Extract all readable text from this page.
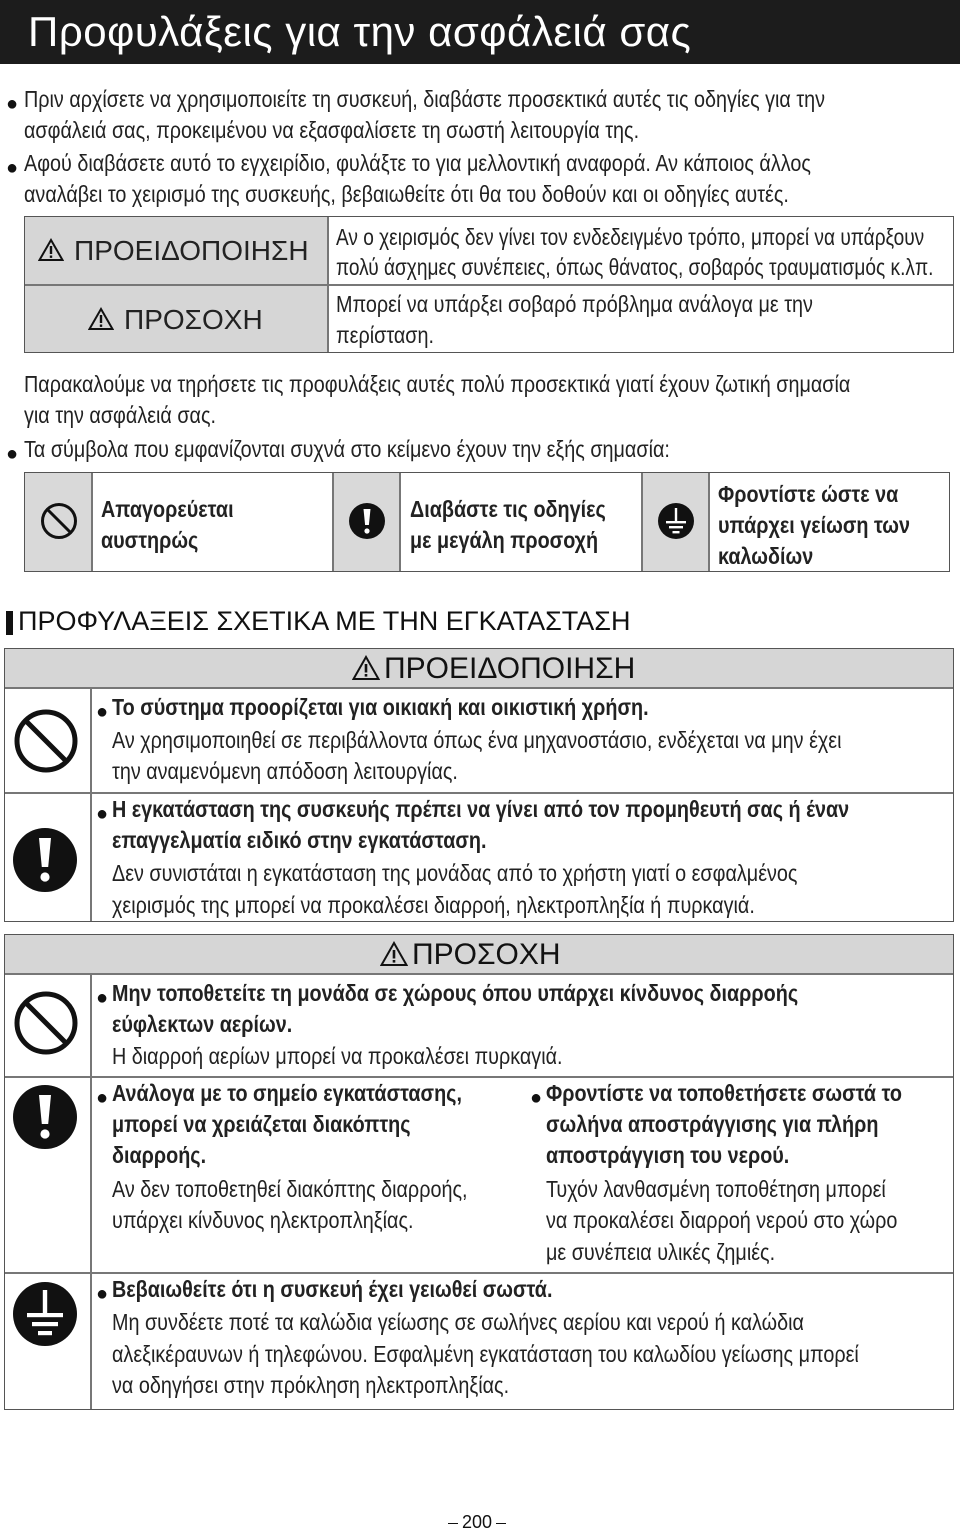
Προφυλάξεις για την ασφάλειά σας
● Πριν αρχίσετε να χρησιμοποιείτε τη συσκευή, διαβάστε προσεκτικά αυτές τις οδηγίες για την
ασφάλειά σας, προκειμένου να εξασφαλίσετε τη σωστή λειτουργία της.
● Αφού διαβάσετε αυτό το εγχειρίδιο, φυλάξτε το για μελλοντική αναφορά. Αν κάποιος άλλος
αναλάβει το χειρισμό της συσκευής, βεβαιωθείτε ότι θα του δοθούν και οι οδηγίες αυτές.
ΠΡΟΕΙΔΟΠΟΙΗΣΗ
ΠΡΟΣΟΧΗ
Αν ο χειρισμός δεν γίνει τον ενδεδειγμένο τρόπο, μπορεί να υπάρξουν
πολύ άσχημες συνέπειες, όπως θάνατος, σοβαρός τραυματισμός κ.λπ.
Μπορεί να υπάρξει σοβαρό πρόβλημα ανάλογα με την
περίσταση.
Παρακαλούμε να τηρήσετε τις προφυλάξεις αυτές πολύ προσεκτικά γιατί έχουν ζωτική σημασία
για την ασφάλειά σας.
● Τα σύμβολα που εμφανίζονται συχνά στο κείμενο έχουν την εξής σημασία:
Απαγορεύεται
αυστηρώς
Διαβάστε τις οδηγίες
με μεγάλη προσοχή
Φροντίστε ώστε να
υπάρχει γείωση των
καλωδίων
ΠΡΟΦΥΛΑΞΕΙΣ ΣΧΕΤΙΚΑ ΜΕ ΤΗΝ ΕΓΚΑΤΑΣΤΑΣΗ
ΠΡΟΕΙΔΟΠΟΙΗΣΗ
● Το σύστημα προορίζεται για οικιακή και οικιστική χρήση.
Αν χρησιμοποιηθεί σε περιβάλλοντα όπως ένα μηχανοστάσιο, ενδέχεται να μην έχει
την αναμενόμενη απόδοση λειτουργίας.
● Η εγκατάσταση της συσκευής πρέπει να γίνει από τον προμηθευτή σας ή έναν
επαγγελματία ειδικό στην εγκατάσταση.
Δεν συνιστάται η εγκατάσταση της μονάδας από το χρήστη γιατί ο εσφαλμένος
χειρισμός της μπορεί να προκαλέσει διαρροή, ηλεκτροπληξία ή πυρκαγιά.
ΠΡΟΣΟΧΗ
● Μην τοποθετείτε τη μονάδα σε χώρους όπου υπάρχει κίνδυνος διαρροής
εύφλεκτων αερίων.
Η διαρροή αερίων μπορεί να προκαλέσει πυρκαγιά.
● Ανάλογα με το σημείο εγκατάστασης,
μπορεί να χρειάζεται διακόπτης
διαρροής.
Αν δεν τοποθετηθεί διακόπτης διαρροής,
υπάρχει κίνδυνος ηλεκτροπληξίας.
● Φροντίστε να τοποθετήσετε σωστά το
σωλήνα αποστράγγισης για πλήρη
αποστράγγιση του νερού.
Τυχόν λανθασμένη τοποθέτηση μπορεί
να προκαλέσει διαρροή νερού στο χώρο
με συνέπεια υλικές ζημιές.
● Βεβαιωθείτε ότι η συσκευή έχει γειωθεί σωστά.
Μη συνδέετε ποτέ τα καλώδια γείωσης σε σωλήνες αερίου και νερού ή καλώδια
αλεξικέραυνων ή τηλεφώνου. Εσφαλμένη εγκατάσταση του καλωδίου γείωσης μπορεί
να οδηγήσει στην πρόκληση ηλεκτροπληξίας.
200
